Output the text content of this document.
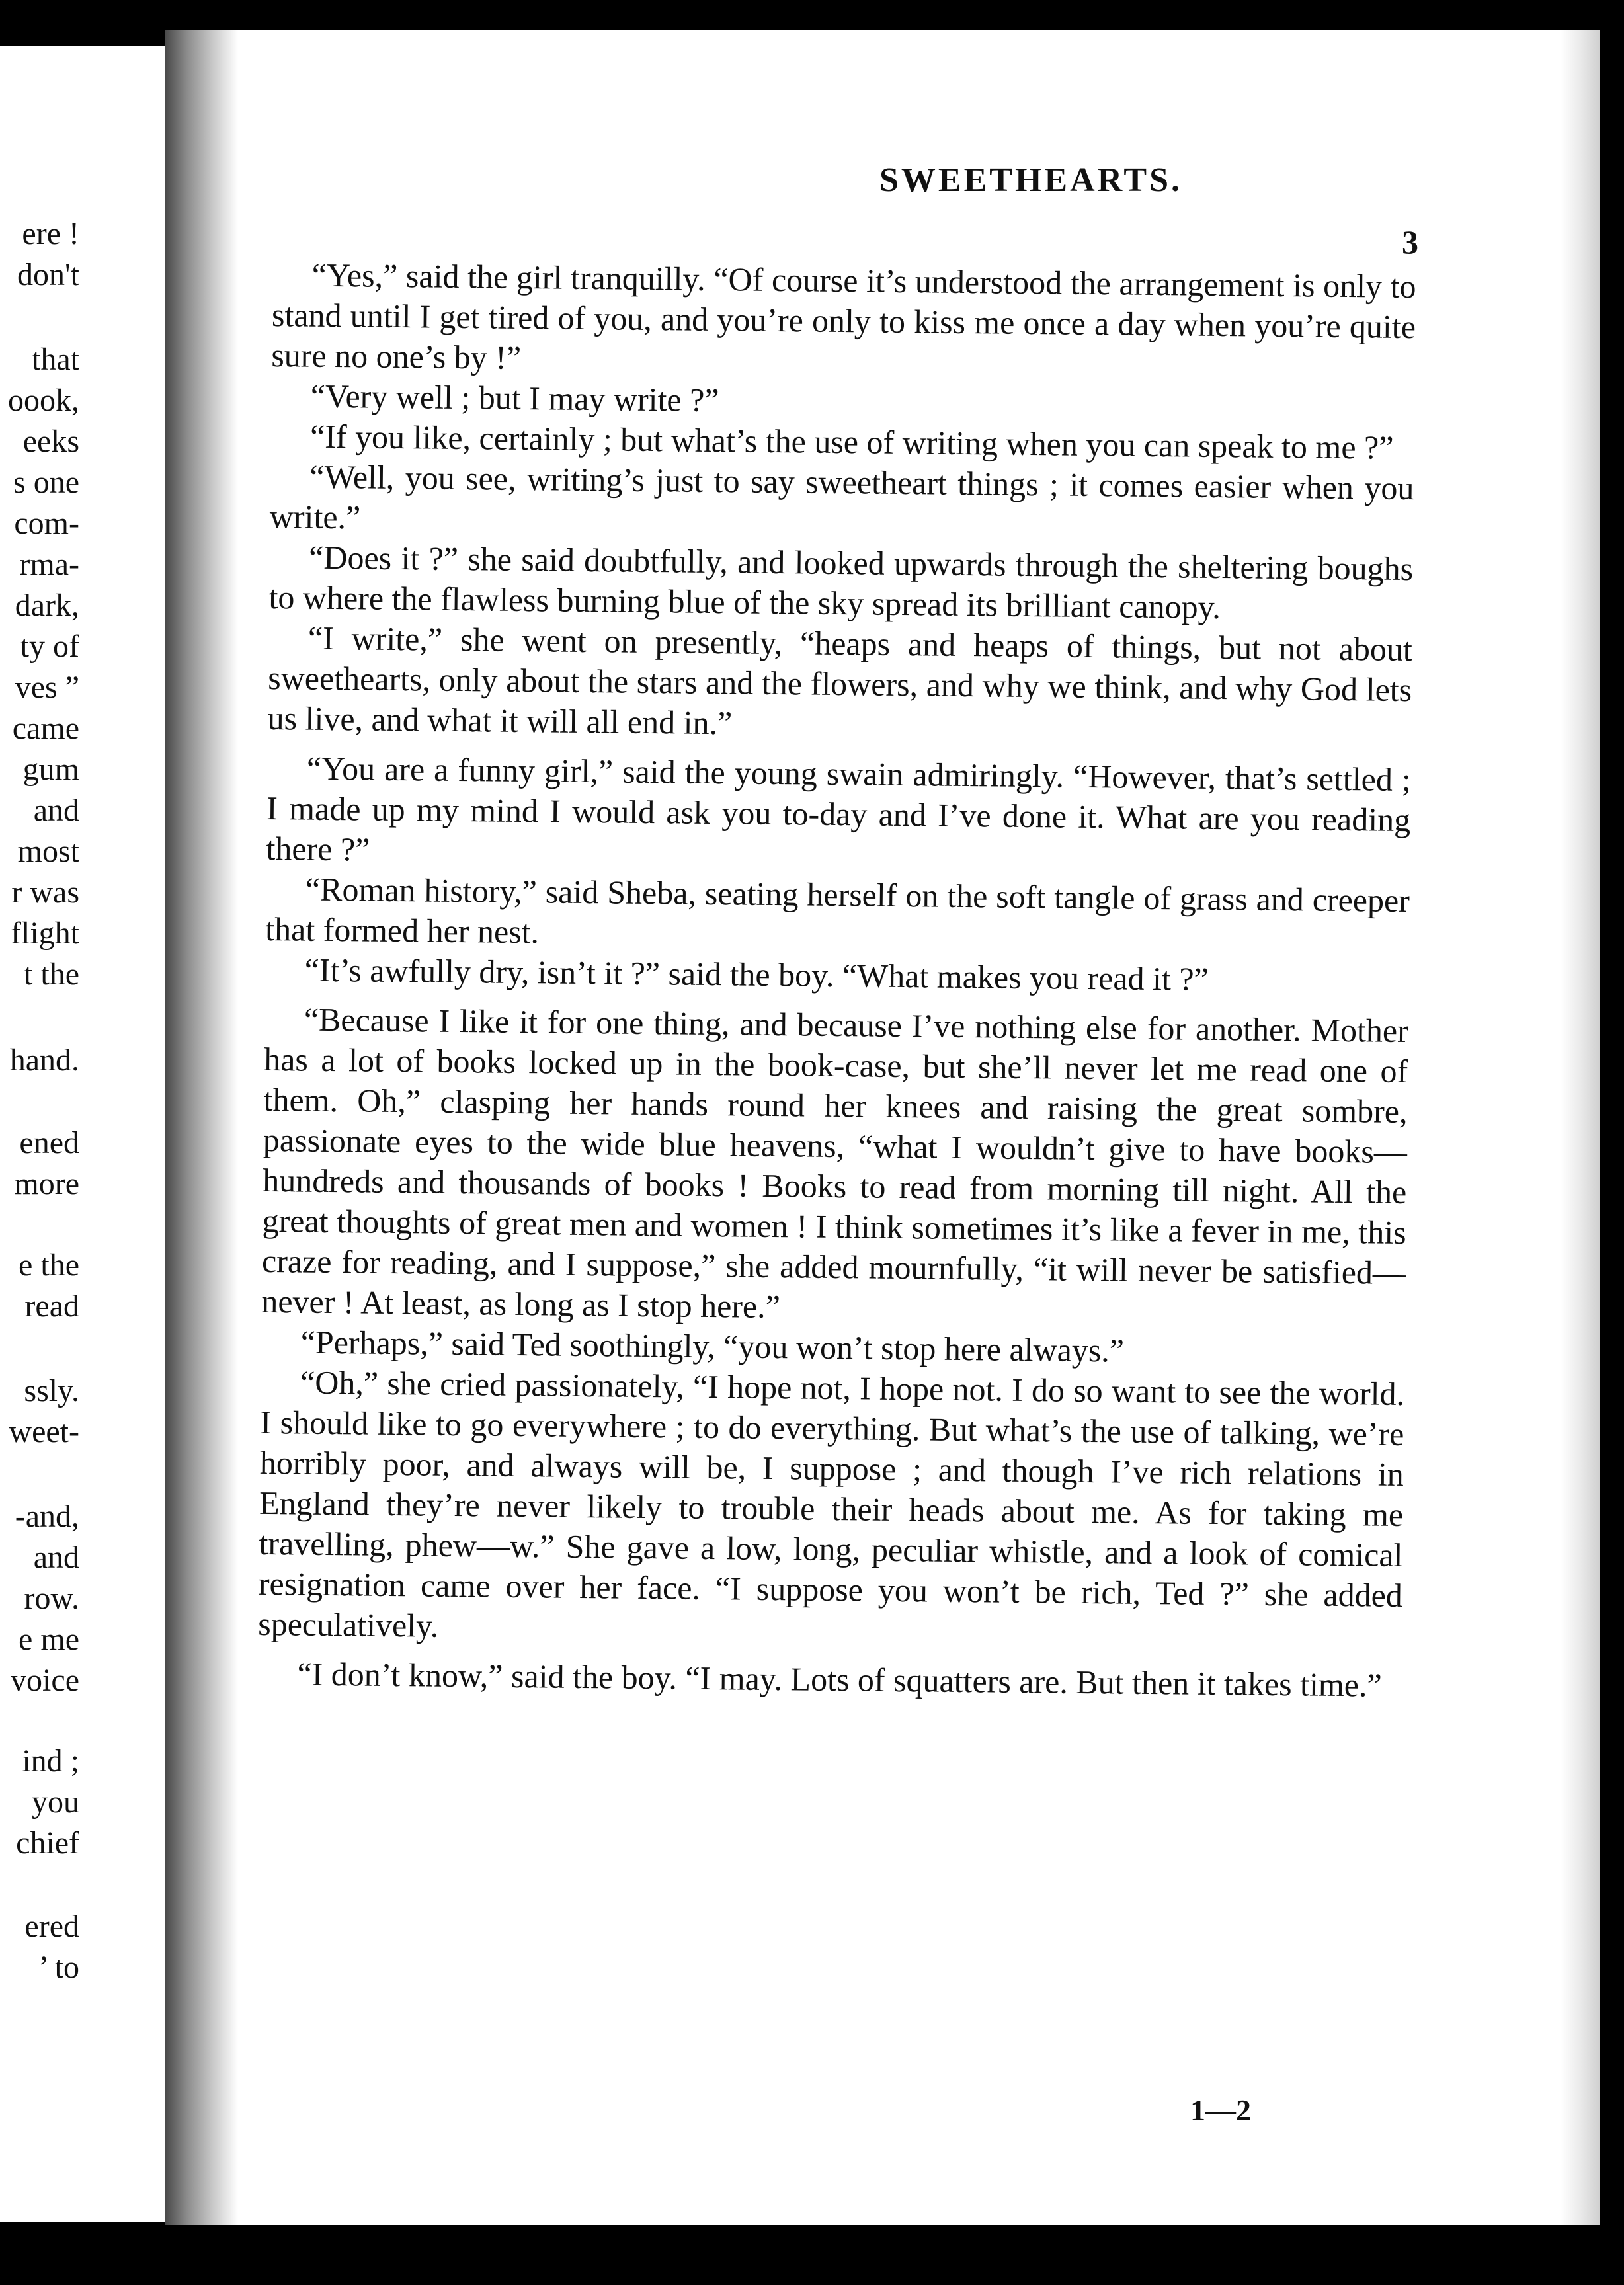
ere !
don't
that
oook,
eeks
s one
com-
rma-
dark,
ty of
ves ”
came
gum
and
most
r was
flight
t the
hand.
ened
more
e the
read
ssly.
weet-
-and,
and
row.
e me
voice
ind ;
you
chief
ered
’ to
SWEETHEARTS.
3

“Yes,” said the girl tranquilly. “Of course it’s understood the arrangement is only to stand until I get tired of you, and you’re only to kiss me once a day when you’re quite sure no one’s by !”

“Very well ; but I may write ?”

“If you like, certainly ; but what’s the use of writing when you can speak to me ?”

“Well, you see, writing’s just to say sweetheart things ; it comes easier when you write.”

“Does it ?” she said doubtfully, and looked upwards through the sheltering boughs to where the flawless burning blue of the sky spread its brilliant canopy.

“I write,” she went on presently, “heaps and heaps of things, but not about sweethearts, only about the stars and the flowers, and why we think, and why God lets us live, and what it will all end in.”

“You are a funny girl,” said the young swain admiringly. “However, that’s settled ; I made up my mind I would ask you to-day and I’ve done it. What are you reading there ?”

“Roman history,” said Sheba, seating herself on the soft tangle of grass and creeper that formed her nest.

“It’s awfully dry, isn’t it ?” said the boy. “What makes you read it ?”

“Because I like it for one thing, and because I’ve nothing else for another. Mother has a lot of books locked up in the book-case, but she’ll never let me read one of them. Oh,” clasping her hands round her knees and raising the great sombre, passionate eyes to the wide blue heavens, “what I wouldn’t give to have books—hundreds and thousands of books ! Books to read from morning till night. All the great thoughts of great men and women ! I think sometimes it’s like a fever in me, this craze for reading, and I suppose,” she added mournfully, “it will never be satisfied—never ! At least, as long as I stop here.”

“Perhaps,” said Ted soothingly, “you won’t stop here always.”

“Oh,” she cried passionately, “I hope not, I hope not. I do so want to see the world. I should like to go everywhere ; to do everything. But what’s the use of talking, we’re horribly poor, and always will be, I suppose ; and though I’ve rich relations in England they’re never likely to trouble their heads about me. As for taking me travelling, phew—w.” She gave a low, long, peculiar whistle, and a look of comical resignation came over her face. “I suppose you won’t be rich, Ted ?” she added speculatively.

“I don’t know,” said the boy. “I may. Lots of squatters are. But then it takes time.”

1—2
